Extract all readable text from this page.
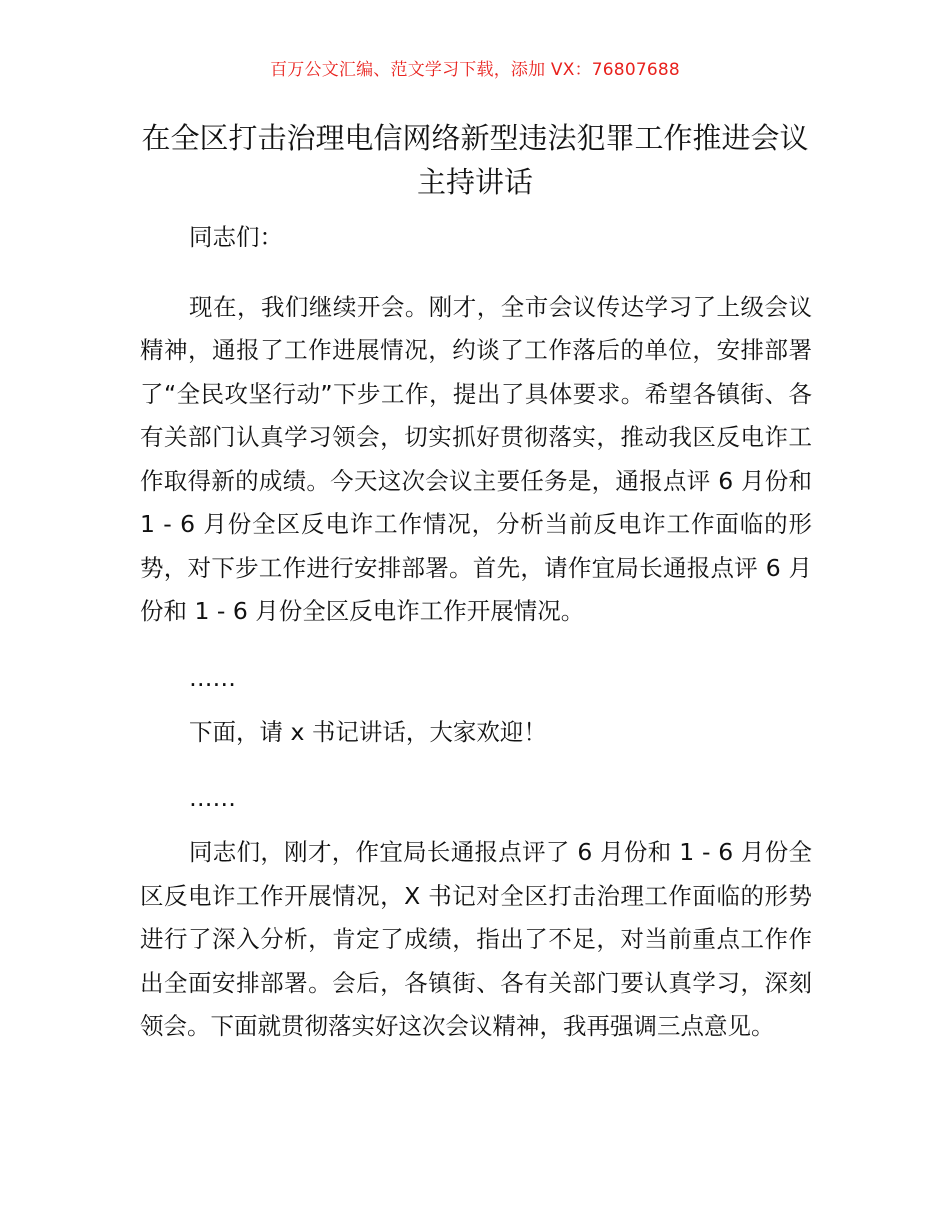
百万公文汇编、范文学习下载，添加 VX：76807688
在全区打击治理电信网络新型违法犯罪工作推进会议主持讲话

同志们：

现在，我们继续开会。刚才，全市会议传达学习了上级会议精神，通报了工作进展情况，约谈了工作落后的单位，安排部署了“全民攻坚行动”下步工作，提出了具体要求。希望各镇街、各有关部门认真学习领会，切实抓好贯彻落实，推动我区反电诈工作取得新的成绩。今天这次会议主要任务是，通报点评 6 月份和 1 - 6 月份全区反电诈工作情况，分析当前反电诈工作面临的形势，对下步工作进行安排部署。首先，请作宜局长通报点评 6 月份和 1 - 6 月份全区反电诈工作开展情况。

……

下面，请 x 书记讲话，大家欢迎！

……

同志们，刚才，作宜局长通报点评了 6 月份和 1 - 6 月份全区反电诈工作开展情况，X 书记对全区打击治理工作面临的形势进行了深入分析，肯定了成绩，指出了不足，对当前重点工作作出全面安排部署。会后，各镇街、各有关部门要认真学习，深刻领会。下面就贯彻落实好这次会议精神，我再强调三点意见。
